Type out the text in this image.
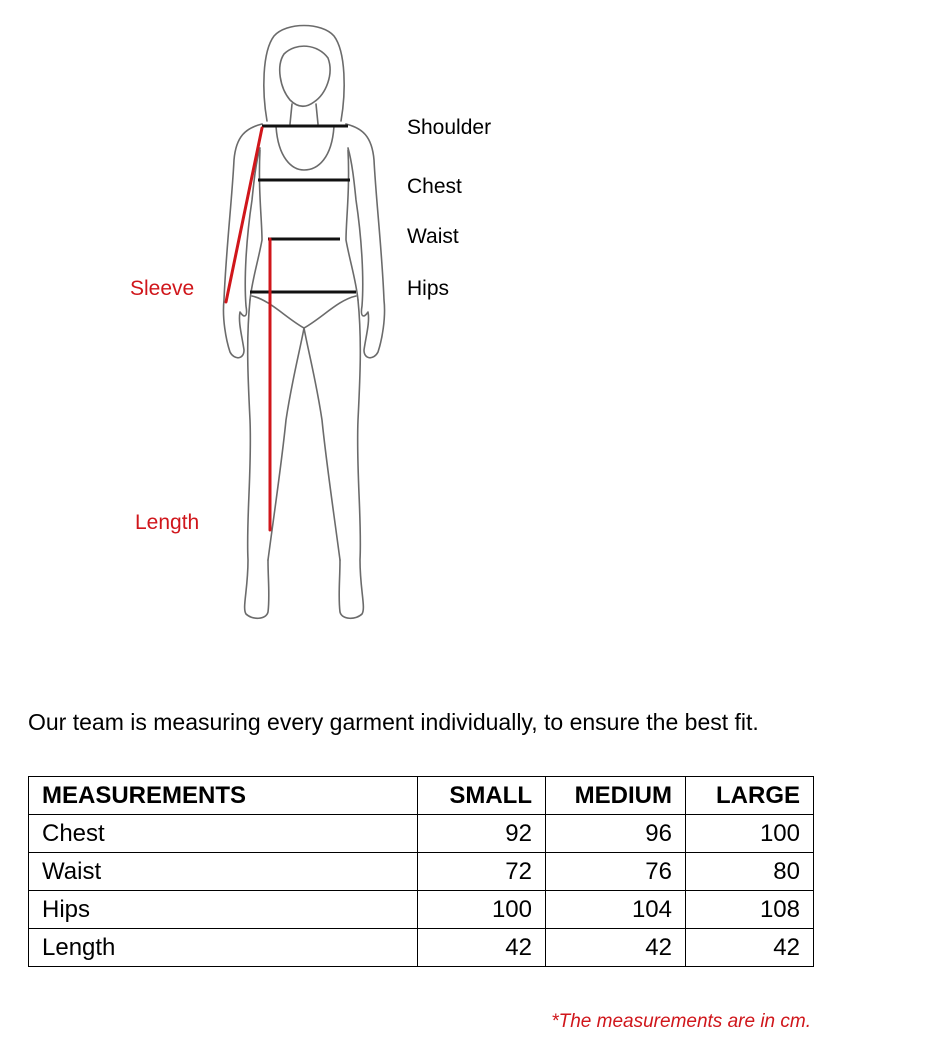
Shoulder
Chest
Waist
Hips
Sleeve
Length
Our team is measuring every garment individually, to ensure the best fit.
MEASUREMENTS	SMALL	MEDIUM	LARGE
Chest	92	96	100
Waist	72	76	80
Hips	100	104	108
Length	42	42	42
*The measurements are in cm.
